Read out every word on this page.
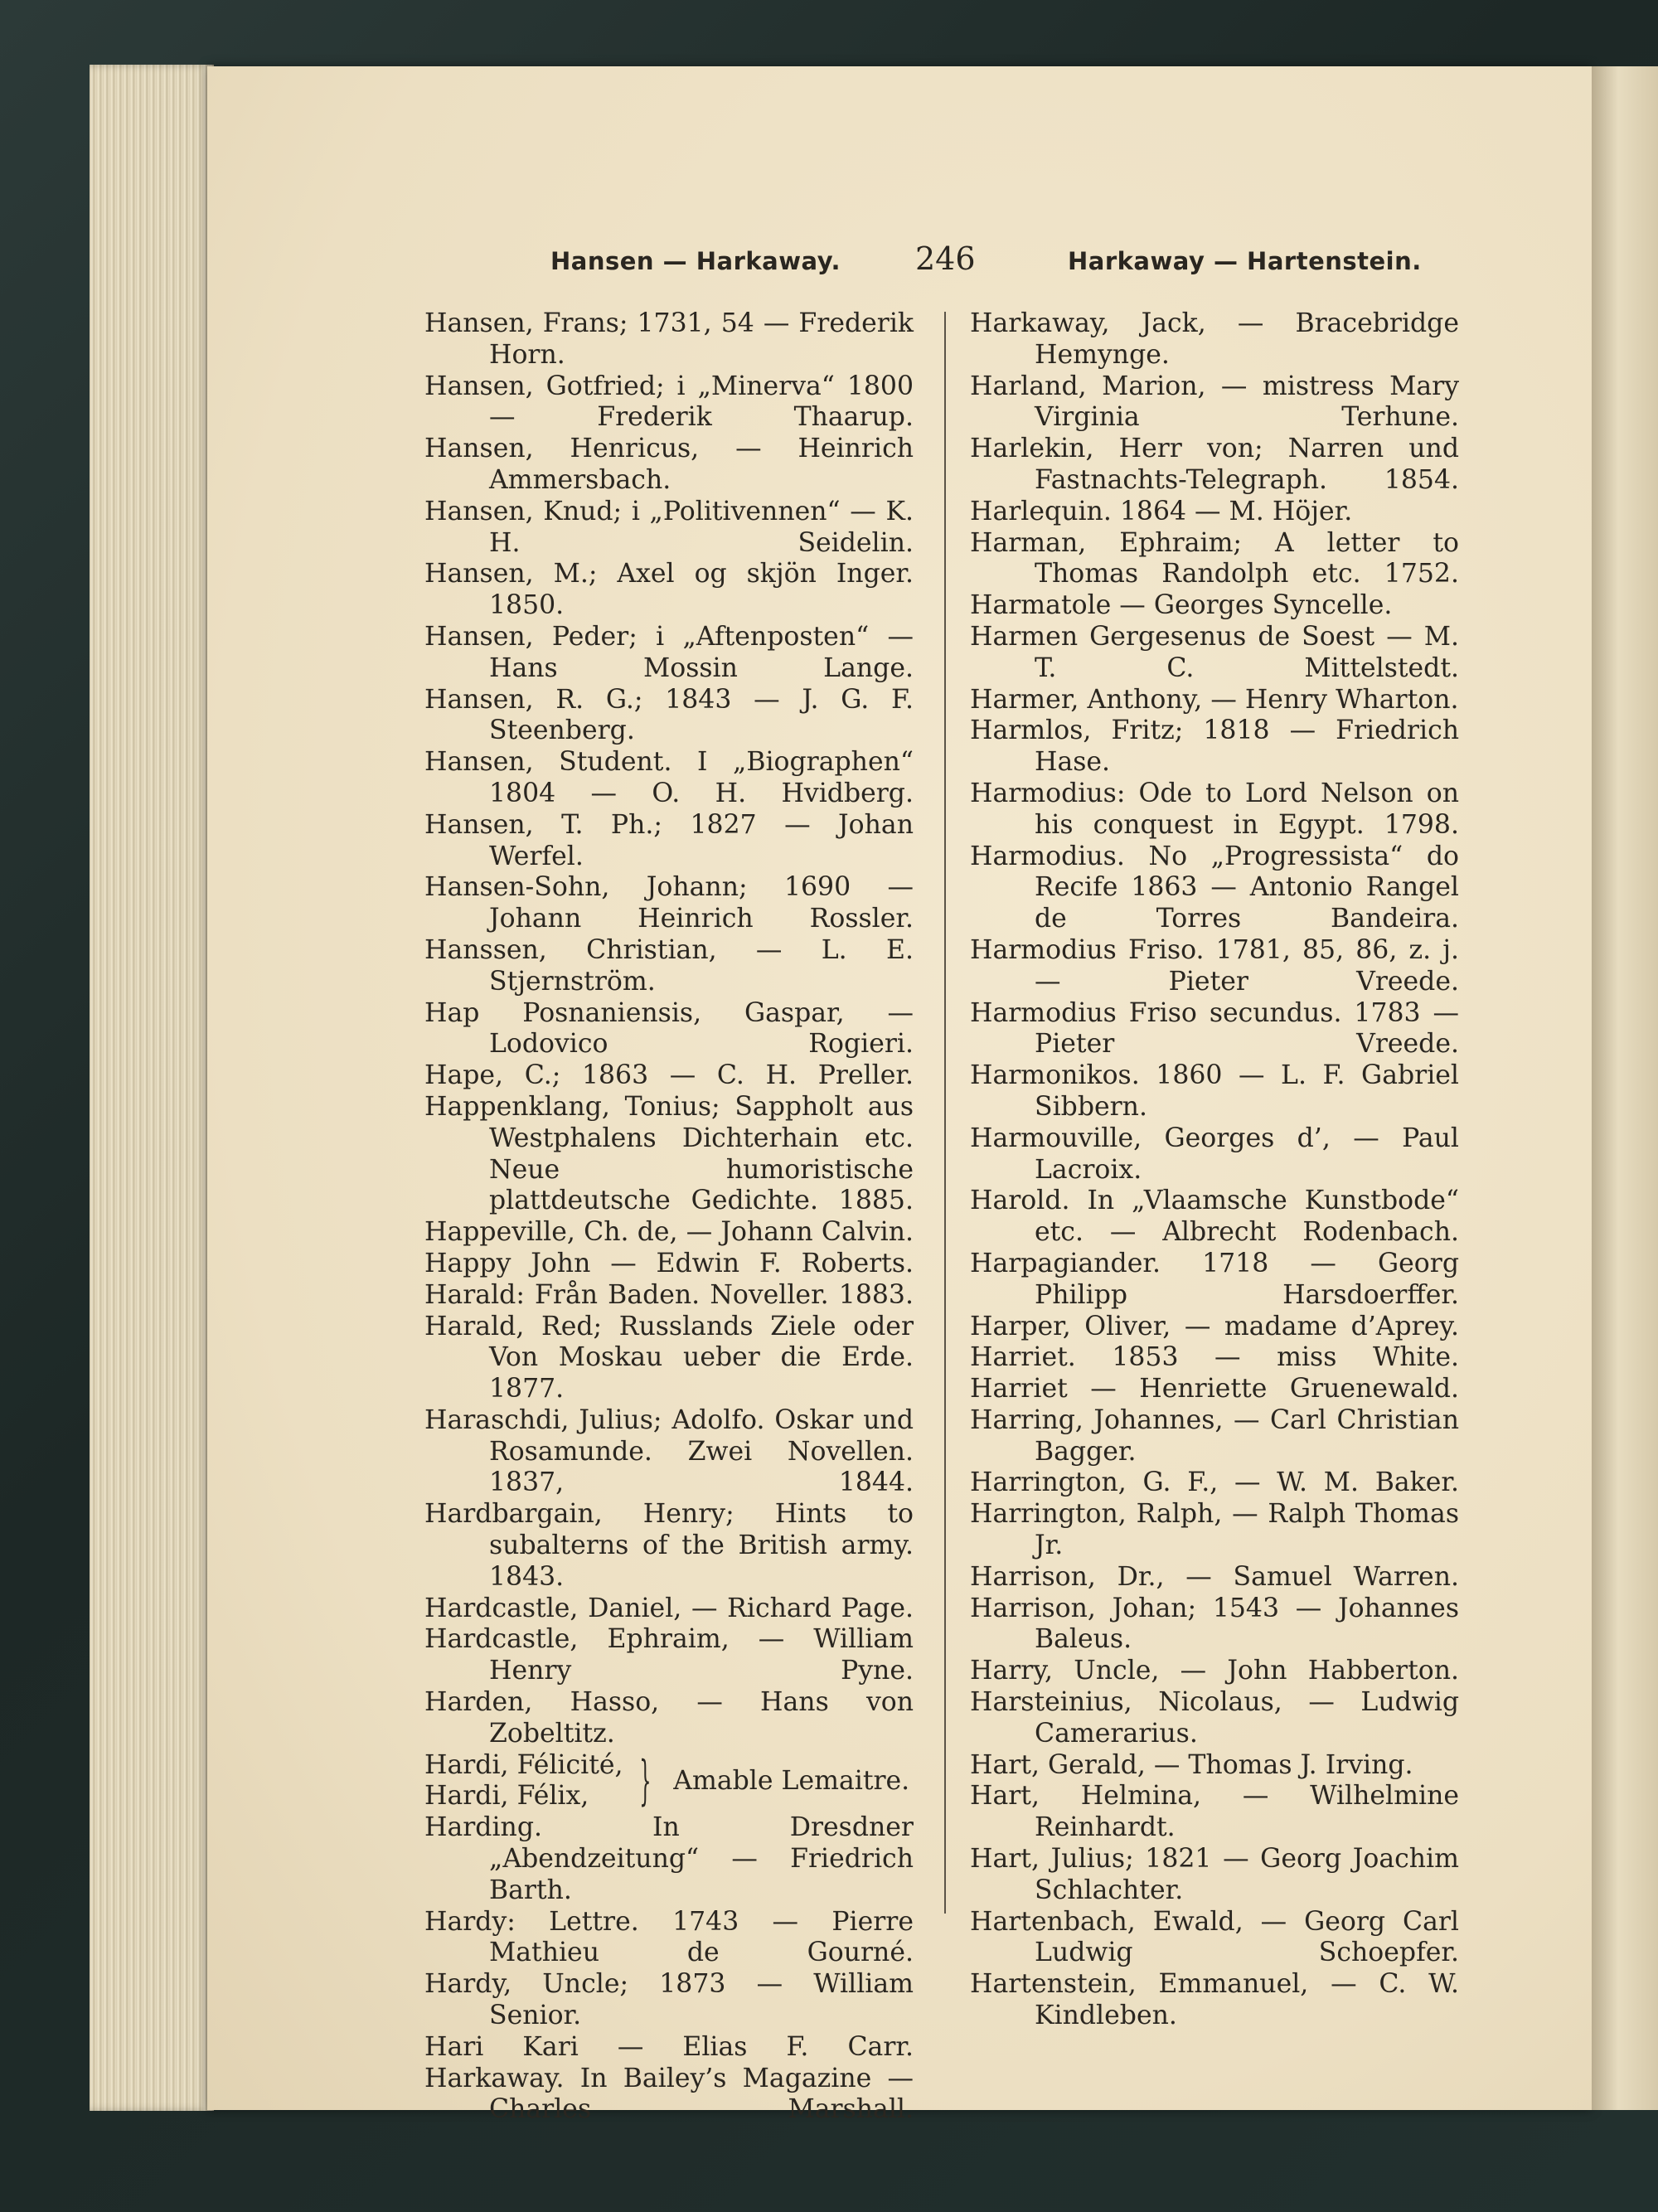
Hansen — Harkaway. 246	Harkaway — Hartenstein.

Hansen, Frans; 1731, 54 — Frederik Horn.

Hansen, Gotfried; i „Minerva“ 1800 — Frederik Thaarup.

Hansen, Henricus, — Heinrich Ammersbach.

Hansen, Knud; i „Politivennen“ — K. H. Seidelin.

Hansen, M.; Axel og skjön Inger. 1850.

Hansen, Peder; i „Aftenposten“ — Hans Mossin Lange.

Hansen, R. G.; 1843 — J. G. F. Steenberg.

Hansen, Student. I „Biographen“ 1804 — O. H. Hvidberg.

Hansen, T. Ph.; 1827 — Johan Werfel.

Hansen-Sohn, Johann; 1690 — Johann Heinrich Rossler.

Hanssen, Christian, — L. E. Stjernström.

Hap Posnaniensis, Gaspar, — Lodovico Rogieri.

Hape, C.; 1863 — C. H. Preller.

Happenklang, Tonius; Sappholt aus Westphalens Dichterhain etc. Neue humoristische plattdeutsche Gedichte. 1885.

Happeville, Ch. de, — Johann Calvin.

Happy John — Edwin F. Roberts.

Harald: Från Baden. Noveller. 1883.

Harald, Red; Russlands Ziele oder Von Moskau ueber die Erde. 1877.

Haraschdi, Julius; Adolfo. Oskar und Rosamunde. Zwei Novellen. 1837, 1844.

Hardbargain, Henry; Hints to subalterns of the British army. 1843.

Hardcastle, Daniel, — Richard Page.

Hardcastle, Ephraim, — William Henry Pyne.

Harden, Hasso, — Hans von Zobeltitz.

Hardi, Félicité,
Hardi, Félix, } Amable Lemaitre.

Harding. In Dresdner „Abendzeitung“ — Friedrich Barth.

Hardy: Lettre. 1743 — Pierre Mathieu de Gourné.

Hardy, Uncle; 1873 — William Senior.

Hari Kari — Elias F. Carr.

Harkaway. In Bailey’s Magazine — Charles Marshall.

Harkaway, Jack, — Bracebridge Hemynge.

Harland, Marion, — mistress Mary Virginia Terhune.

Harlekin, Herr von; Narren und Fastnachts-Telegraph. 1854.

Harlequin. 1864 — M. Höjer.

Harman, Ephraim; A letter to Thomas Randolph etc. 1752.

Harmatole — Georges Syncelle.

Harmen Gergesenus de Soest — M. T. C. Mittelstedt.

Harmer, Anthony, — Henry Wharton.

Harmlos, Fritz; 1818 — Friedrich Hase.

Harmodius: Ode to Lord Nelson on his conquest in Egypt. 1798.

Harmodius. No „Progressista“ do Recife 1863 — Antonio Rangel de Torres Bandeira.

Harmodius Friso. 1781, 85, 86, z. j. — Pieter Vreede.

Harmodius Friso secundus. 1783 — Pieter Vreede.

Harmonikos. 1860 — L. F. Gabriel Sibbern.

Harmouville, Georges d’, — Paul Lacroix.

Harold. In „Vlaamsche Kunstbode“ etc. — Albrecht Rodenbach.

Harpagiander. 1718 — Georg Philipp Harsdoerffer.

Harper, Oliver, — madame d’Aprey.

Harriet. 1853 — miss White.

Harriet — Henriette Gruenewald.

Harring, Johannes, — Carl Christian Bagger.

Harrington, G. F., — W. M. Baker.

Harrington, Ralph, — Ralph Thomas Jr.

Harrison, Dr., — Samuel Warren.

Harrison, Johan; 1543 — Johannes Baleus.

Harry, Uncle, — John Habberton.

Harsteinius, Nicolaus, — Ludwig Camerarius.

Hart, Gerald, — Thomas J. Irving.

Hart, Helmina, — Wilhelmine Reinhardt.

Hart, Julius; 1821 — Georg Joachim Schlachter.

Hartenbach, Ewald, — Georg Carl Ludwig Schoepfer.

Hartenstein, Emmanuel, — C. W. Kindleben.
